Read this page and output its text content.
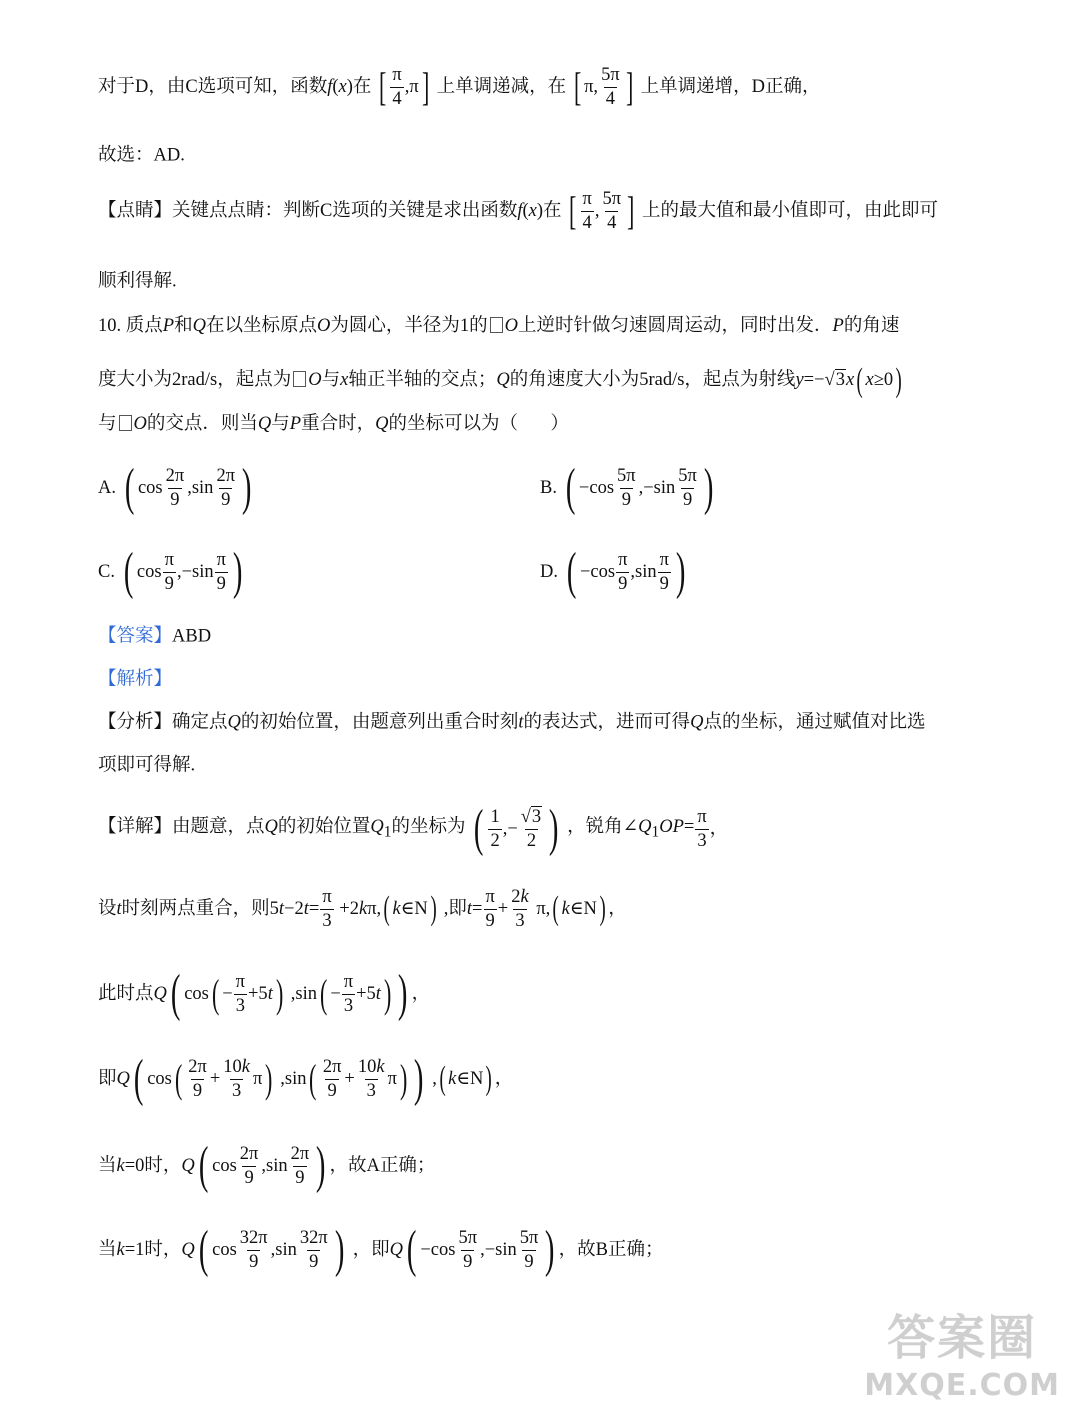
对于D，由C选项可知，函数f(x)在 [ $\frac{\pi}{4} ,\pi$] 上单调递减，在 [ π, $\frac{5\pi}{4}$ ] 上单调递增，D正确，
故选：AD.
【点睛】关键点点睛：判断C选项的关键是求出函数f(x)在 [ $\frac{\pi}{4}$ , $\frac{5\pi}{4}$ ] 上的最大值和最小值即可，由此即可
顺利得解.
10. 质点P和Q在以坐标原点O为圆心，半径为1的 O上逆时针做匀速圆周运动，同时出发．P的角速
度大小为2rad/s，起点为 O与x轴正半轴的交点；Q的角速度大小为5rad/s，起点为射线y=−√3x( x≥0)
与 O的交点．则当Q与P重合时，Q的坐标可以为（       ）
A. ( $\cos \frac{2\pi}{9} ,\sin \frac{2\pi}{9}$ )	B. ( $-\cos \frac{5\pi}{9} ,-\sin \frac{5\pi}{9}$ )
C. ( $\cos \frac{\pi}{9} ,-\sin \frac{\pi}{9}$ )	D. ( $-\cos \frac{\pi}{9} ,\sin \frac{\pi}{9}$ )
【答案】ABD
【解析】
【分析】确定点Q的初始位置，由题意列出重合时刻t的表达式，进而可得Q点的坐标，通过赋值对比选
项即可得解.
【详解】由题意，点Q的初始位置$Q_1$的坐标为 ( $\frac{1}{2}$ ,− $\frac{√3}{2}$ ) ，锐角$\angle Q_1OP= \frac{\pi}{3}$ ，
设t时刻两点重合，则$5t-2t= \frac{\pi}{3} +2k\pi$,( k∈N) ,即$t= \frac{\pi}{9} + \frac{2k}{3} \pi$,( k∈N) ，
此时点Q( $\cos( - \frac{\pi}{3} +5t)$ $,\sin( - \frac{\pi}{3} +5t)$ ) ，
即Q( $\cos( \frac{2\pi}{9} + \frac{10k}{3} \pi)$ $,\sin( \frac{2\pi}{9} + \frac{10k}{3} \pi)$ ) ,( k∈N) ，
当k=0时，Q( $\cos \frac{2\pi}{9} ,\sin \frac{2\pi}{9}$ ) ，故A正确；
当k=1时，Q( $\cos \frac{32\pi}{9} ,\sin \frac{32\pi}{9}$ ) ，即$Q( -\cos \frac{5\pi}{9} ,-\sin \frac{5\pi}{9}$ ) ，故B正确；
答案圈
MXQE.COM
